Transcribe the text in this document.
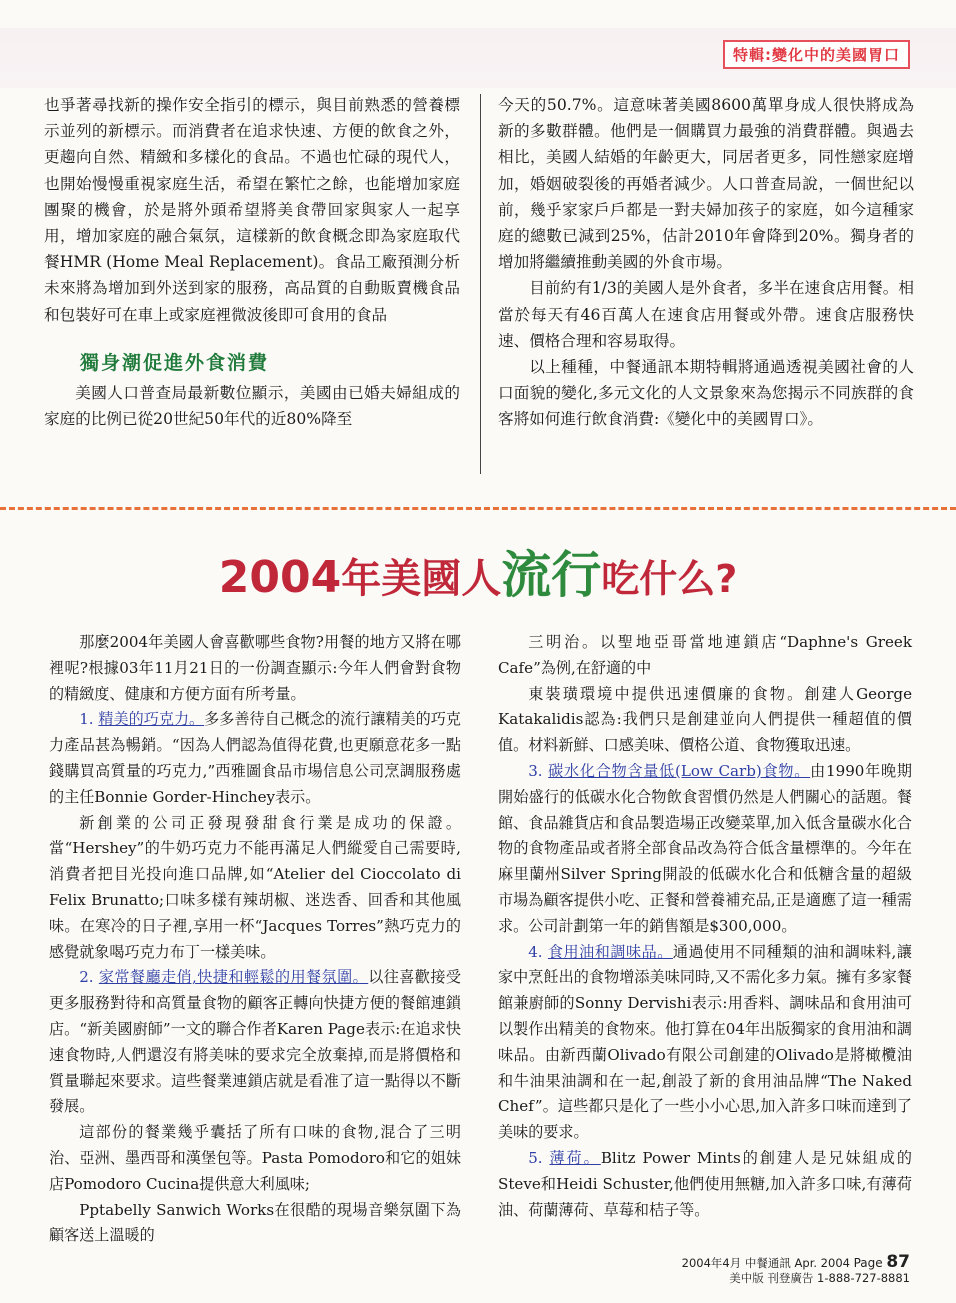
特輯:變化中的美國胃口

也爭著尋找新的操作安全指引的標示，與目前熟悉的營養標示並列的新標示。而消費者在追求快速、方便的飲食之外，更趨向自然、精緻和多樣化的食品。不過也忙碌的現代人，也開始慢慢重視家庭生活，希望在繁忙之餘，也能增加家庭團聚的機會，於是將外頭希望將美食帶回家與家人一起享用，增加家庭的融合氣氛，這樣新的飲食概念即為家庭取代餐HMR (Home Meal Replacement)。食品工廠預測分析未來將為增加到外送到家的服務，高品質的自動販賣機食品和包裝好可在車上或家庭裡微波後即可食用的食品

獨身潮促進外食消費

美國人口普查局最新數位顯示，美國由已婚夫婦組成的家庭的比例已從20世紀50年代的近80%降至

今天的50.7%。這意味著美國8600萬單身成人很快將成為新的多數群體。他們是一個購買力最強的消費群體。與過去相比，美國人結婚的年齡更大，同居者更多，同性戀家庭增加，婚姻破裂後的再婚者減少。人口普查局說，一個世紀以前，幾乎家家戶戶都是一對夫婦加孩子的家庭，如今這種家庭的總數已減到25%，估計2010年會降到20%。獨身者的增加將繼續推動美國的外食市場。

目前約有1/3的美國人是外食者，多半在速食店用餐。相當於每天有46百萬人在速食店用餐或外帶。速食店服務快速、價格合理和容易取得。

以上種種，中餐通訊本期特輯將通過透視美國社會的人口面貌的變化,多元文化的人文景象來為您揭示不同族群的食客將如何進行飲食消費:《變化中的美國胃口》。

2004年美國人流行吃什么?

那麼2004年美國人會喜歡哪些食物?用餐的地方又將在哪裡呢?根據03年11月21日的一份調查顯示:今年人們會對食物的精緻度、健康和方便方面有所考量。

1. 精美的巧克力。多多善待自己概念的流行讓精美的巧克力產品甚為暢銷。“因為人們認為值得花費,也更願意花多一點錢購買高質量的巧克力,”西雅圖食品市場信息公司烹調服務處的主任Bonnie Gorder-Hinchey表示。

新創業的公司正發現發甜食行業是成功的保證。當“Hershey”的牛奶巧克力不能再滿足人們縱愛自己需要時,消費者把目光投向進口品牌,如“Atelier del Cioccolato di Felix Brunatto;口味多樣有辣胡椒、迷迭香、回香和其他風味。在寒冷的日子裡,享用一杯“Jacques Torres”熱巧克力的感覺就象喝巧克力布丁一樣美味。

2. 家常餐廳走俏,快捷和輕鬆的用餐氛圍。以往喜歡接受更多服務對待和高質量食物的顧客正轉向快捷方便的餐館連鎖店。“新美國廚師”一文的聯合作者Karen Page表示:在追求快速食物時,人們還沒有將美味的要求完全放棄掉,而是將價格和質量聯起來要求。這些餐業連鎖店就是看准了這一點得以不斷發展。

這部份的餐業幾乎囊括了所有口味的食物,混合了三明治、亞洲、墨西哥和漢堡包等。Pasta Pomodoro和它的姐妹店Pomodoro Cucina提供意大利風味;

Pptabelly Sanwich Works在很酷的現場音樂氛圍下為顧客送上溫暖的

三明治。以聖地亞哥當地連鎖店“Daphne's Greek Cafe”為例,在舒適的中

東裝璜環境中提供迅速價廉的食物。創建人George Katakalidis認為:我們只是創建並向人們提供一種超值的價值。材料新鮮、口感美味、價格公道、食物獲取迅速。

3. 碳水化合物含量低(Low Carb)食物。由1990年晚期開始盛行的低碳水化合物飲食習慣仍然是人們關心的話題。餐館、食品雜貨店和食品製造場正改變菜單,加入低含量碳水化合物的食物產品或者將全部食品改為符合低含量標準的。今年在麻里蘭州Silver Spring開設的低碳水化合和低糖含量的超級市場為顧客提供小吃、正餐和營養補充品,正是適應了這一種需求。公司計劃第一年的銷售額是$300,000。

4. 食用油和調味品。通過使用不同種類的油和調味料,讓家中烹飪出的食物增添美味同時,又不需化多力氣。擁有多家餐館兼廚師的Sonny Dervishi表示:用香料、調味品和食用油可以製作出精美的食物來。他打算在04年出版獨家的食用油和調味品。由新西蘭Olivado有限公司創建的Olivado是將橄欖油和牛油果油調和在一起,創設了新的食用油品牌“The Naked Chef”。這些都只是化了一些小小心思,加入許多口味而達到了美味的要求。

5. 薄荷。Blitz Power Mints的創建人是兄妹組成的Steve和Heidi Schuster,他們使用無糖,加入許多口味,有薄荷油、荷蘭薄荷、草莓和桔子等。

2004年4月 中餐通訊 Apr. 2004 Page 87
美中版 刊登廣告 1-888-727-8881
